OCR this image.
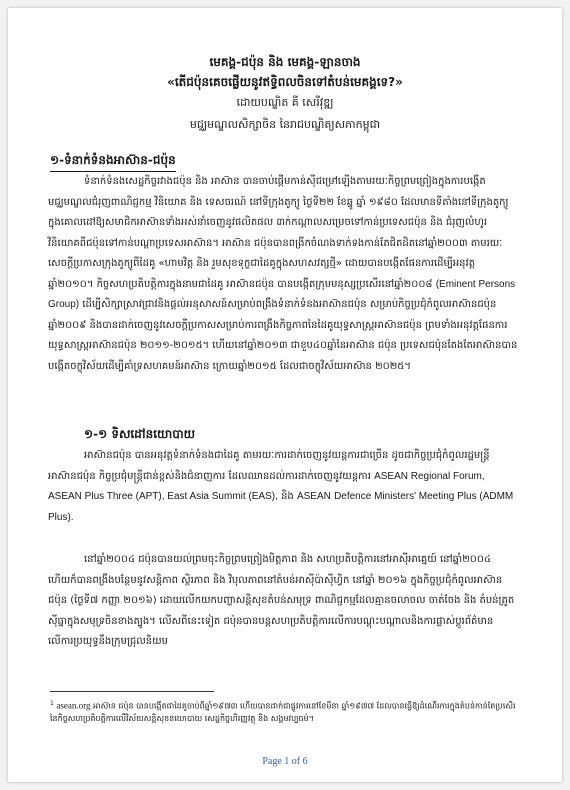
មេគង្គ-ជប៉ុន និង មេគង្គ-ឡានចាង
«តើជប៉ុនគេចផ្លើយនូវឥទ្ធិពលចិនទៅតំបន់មេគង្គទេ?»
ដោយបណ្ឌិត គី សេរីវុឌ្ឍ
មជ្ឈមណ្ឌលសិក្សាចិន នៃរាជបណ្ឌិត្យសភាកម្ពុជា
១-ទំនាក់ទំនងអាស៊ាន-ជប៉ុន

ទំនាក់ទំនងសេដ្ឋកិច្ចរវាងជប៉ុន និង អាស៊ាន បានចាប់ផ្ដើមកាន់ស៊ីជម្រៅឡើងតាមរយៈកិច្ចព្រមព្រៀងក្នុងការបង្កើតមជ្ឈមណ្ឌលជំរុញពាណិជ្ជកម្ម វិនិយោគ និង ទេសចរណ៍ នៅទីក្រុងតូក្យូ ថ្ងៃទី២២ ខែឆ្នូ ឆ្នាំ ១៩៨០ ដែលមានទីតាំងនៅទីក្រុងតូក្យូ ក្នុងគោលដៅឱ្យសមាជិកអាស៊ានទាំងអស់នាំចេញនូវផលិតផល ៣ក់កណ្ដាលសម្រេចទៅកាន់ប្រទេសជប៉ុន និង ជំរុញលំហូរវិនិយោគពីជប៉ុនទៅកាន់បណ្ដាប្រទេសអាស៊ាន។ អាស៊ាន ជប៉ុនបានពង្រីកចំណងទាក់ទងកាន់តែជិតដិតនៅឆ្នាំ២០០៣ តាមរយៈសេចក្ដីប្រកាសក្រុងតូក្យូពីដៃគូ «ហាមវិត្ត និង រួមសុខទុក្ខជាដៃគូក្នុងសហសវត្សថ្មី» ដោយបានបង្កើតផែនការដើម្បីអនុវត្តឆ្នាំ២០១០។ កិច្ចសហប្រតិបត្តិការក្នុងនាមជាដៃគូ អាស៊ានជប៉ុន បានបង្កើតក្រុមមនុស្សប្រសើរនៅឆ្នាំ២០០៨ (Eminent Persons Group) ដើម្បីសិក្សាស្រាវជ្រាវនិងផ្ដល់អនុសាសន៍សម្រាប់ពង្រឹងទំនាក់ទំនងអាស៊ានជប៉ុន សម្រាប់កិច្ចប្រជុំកំពូលអាស៊ានជប៉ុនឆ្នាំ២០០៩ និងបានដាក់ចេញនូវសេចក្ដីប្រកាសសម្រាប់ការពង្រឹងកិច្ចភាពនៃដៃគូយុទ្ធសាស្ត្រអាស៊ានជប៉ុន ព្រមទាំងអនុវត្តផែនការយុទ្ធសាស្ត្រអាស៊ានជប៉ុន ២០១១-២០១៥។ ហើយនៅឆ្នាំ២០១៣ ជាខួប៤០ឆ្នាំនៃអាស៊ាន ជប៉ុន ប្រទេសជប៉ុនតែងតែអាស៊ានបានបង្កើតចក្ខុវិស័យដើម្បីគាំទ្រសហគមន៍អាស៊ាន ក្រោយឆ្នាំ២០១៥ ដែលជាចក្ខុវិស័យអាស៊ាន ២០២៥។

១-១ ទិសដៅនយោបាយ

អាស៊ានជប៉ុន បានអនុវត្តទំនាក់ទំនងជាដៃគូ តាមរយៈការដាក់ចេញនូវយន្តការជាច្រើន ដូចជាកិច្ចប្រជុំកំពូលរដ្ឋមន្ត្រីអាស៊ានជប៉ុន កិច្ចប្រជុំមន្ត្រីជាន់ខ្ពស់និងជំនាញការ ដែលឈានដល់ការដាក់ចេញនូវយន្តការ ASEAN Regional Forum, ASEAN Plus Three (APT), East Asia Summit (EAS), និង ASEAN Defence Ministers' Meeting Plus (ADMM Plus).

នៅឆ្នាំ២០០៤ ជប៉ុនបានយល់ព្រមចុះកិច្ចព្រមព្រៀងមិត្តភាព និង សហប្រតិបត្តិការនៅអាស៊ីអាគ្នេយ៍ នៅឆ្នាំ២០០៤ ហើយក៏បានពង្រឹងបន្ថែមនូវសន្តិភាព ស្ថិរភាព និង វិបុលភាពនៅតំបន់អាស៊ីប៉ាស៊ីហ្វិក នៅឆ្នាំ ២០១៦ ក្នុងកិច្ចប្រជុំកំពូលអាស៊ានជប៉ុន (ថ្ងៃទី៧ កញ្ញា ២០១៦) ដោយលើកយកបញ្ហាសន្តិសុខតំបន់សមុទ្រ ពាណិជ្ជកម្មដែលគ្មានចលាចល ចាត់ចែង និង តំបន់ត្រូតស៊ីធ្នាក្នុងសមុទ្រចិនខាងត្បូង។ លើសពីនេះទៀត ជប៉ុនបានបន្តសហប្រតិបត្តិការលើការបណ្ដុះបណ្ដាលនិងការផ្លាស់ប្ដូរព័ត៌មានលើការប្រយុទ្ធនឹងក្រុមជ្រុលនិយម

$^1$ asean.org អាស៊ាន ជប៉ុន បានបង្កើតជាដៃគូចាប់ពីឆ្នាំ១៩៧៣ ហើយបានដាក់ជាផ្លូវការនៅខែមីនា ឆ្នាំ១៩៧៧ ដែលបានធ្វើឱ្យដំណើរការក្នុងតំបន់កាន់តែប្រសើរនៃកិច្ចសហប្រតិបត្តិការលើវិស័យសន្តិសុខនយោបាយ សេដ្ឋកិច្ចហិរញ្ញវត្ថុ និង សង្គមវប្បធម៌។

Page 1 of 6
